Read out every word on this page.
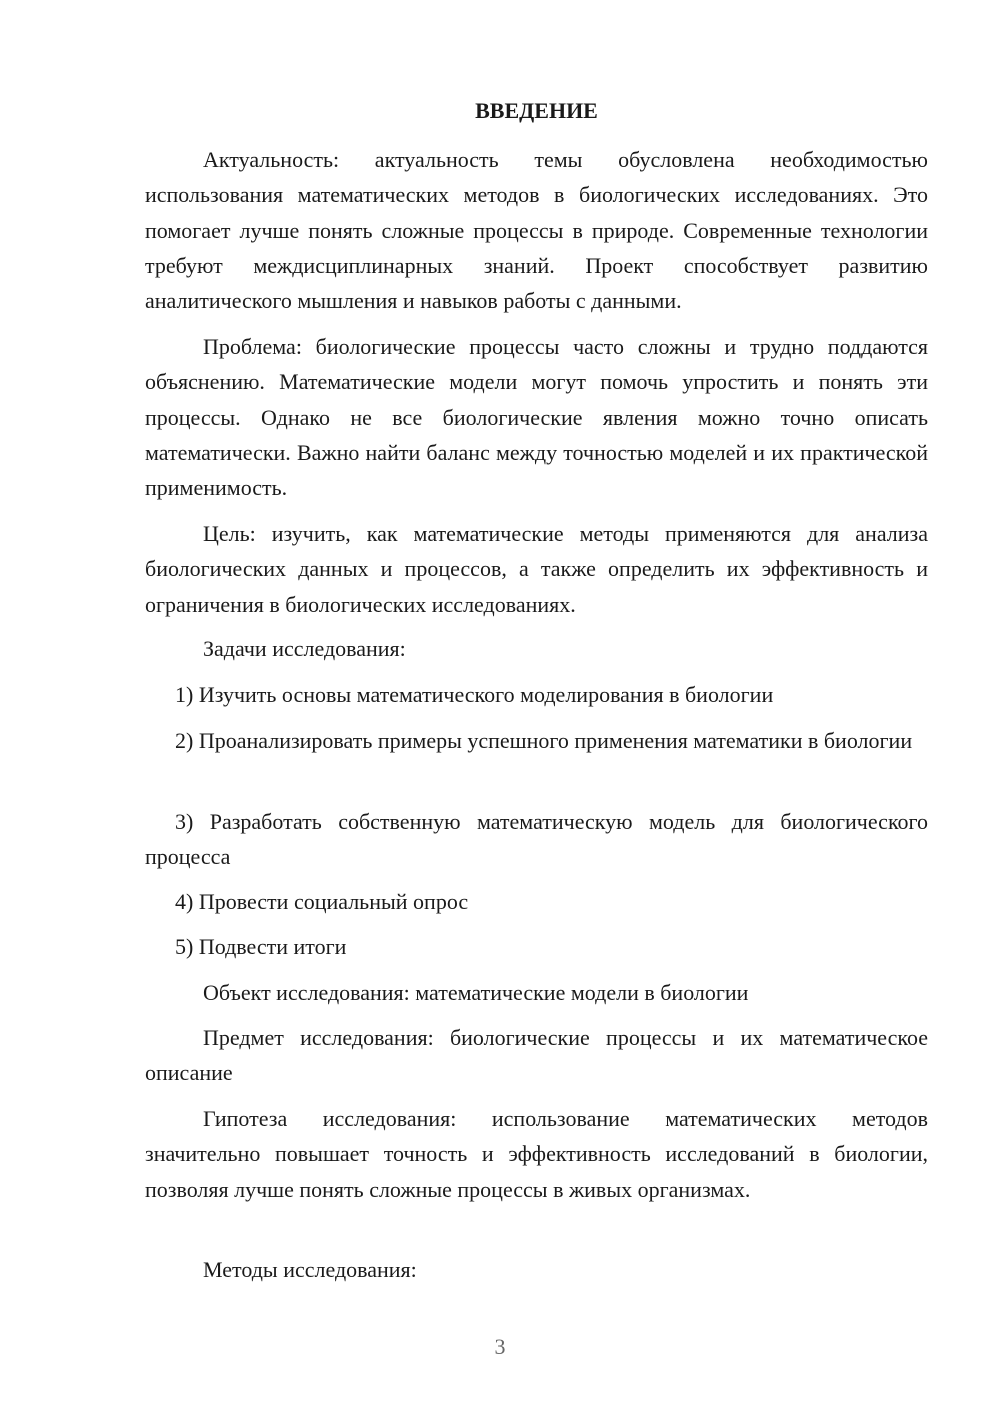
ВВЕДЕНИЕ

Актуальность: актуальность темы обусловлена необходимостью использования математических методов в биологических исследованиях. Это помогает лучше понять сложные процессы в природе. Современные технологии требуют междисциплинарных знаний. Проект способствует развитию аналитического мышления и навыков работы с данными.

Проблема: биологические процессы часто сложны и трудно поддаются объяснению. Математические модели могут помочь упростить и понять эти процессы. Однако не все биологические явления можно точно описать математически. Важно найти баланс между точностью моделей и их практической применимость.

Цель: изучить, как математические методы применяются для анализа биологических данных и процессов, а также определить их эффективность и ограничения в биологических исследованиях.

Задачи исследования:

1) Изучить основы математического моделирования в биологии

2) Проанализировать примеры успешного применения математики в биологии

3) Разработать собственную математическую модель для биологического процесса

4) Провести социальный опрос

5) Подвести итоги

Объект исследования: математические модели в биологии

Предмет исследования: биологические процессы и их математическое описание

Гипотеза исследования: использование математических методов значительно повышает точность и эффективность исследований в биологии, позволяя лучше понять сложные процессы в живых организмах.

Методы исследования:

3
